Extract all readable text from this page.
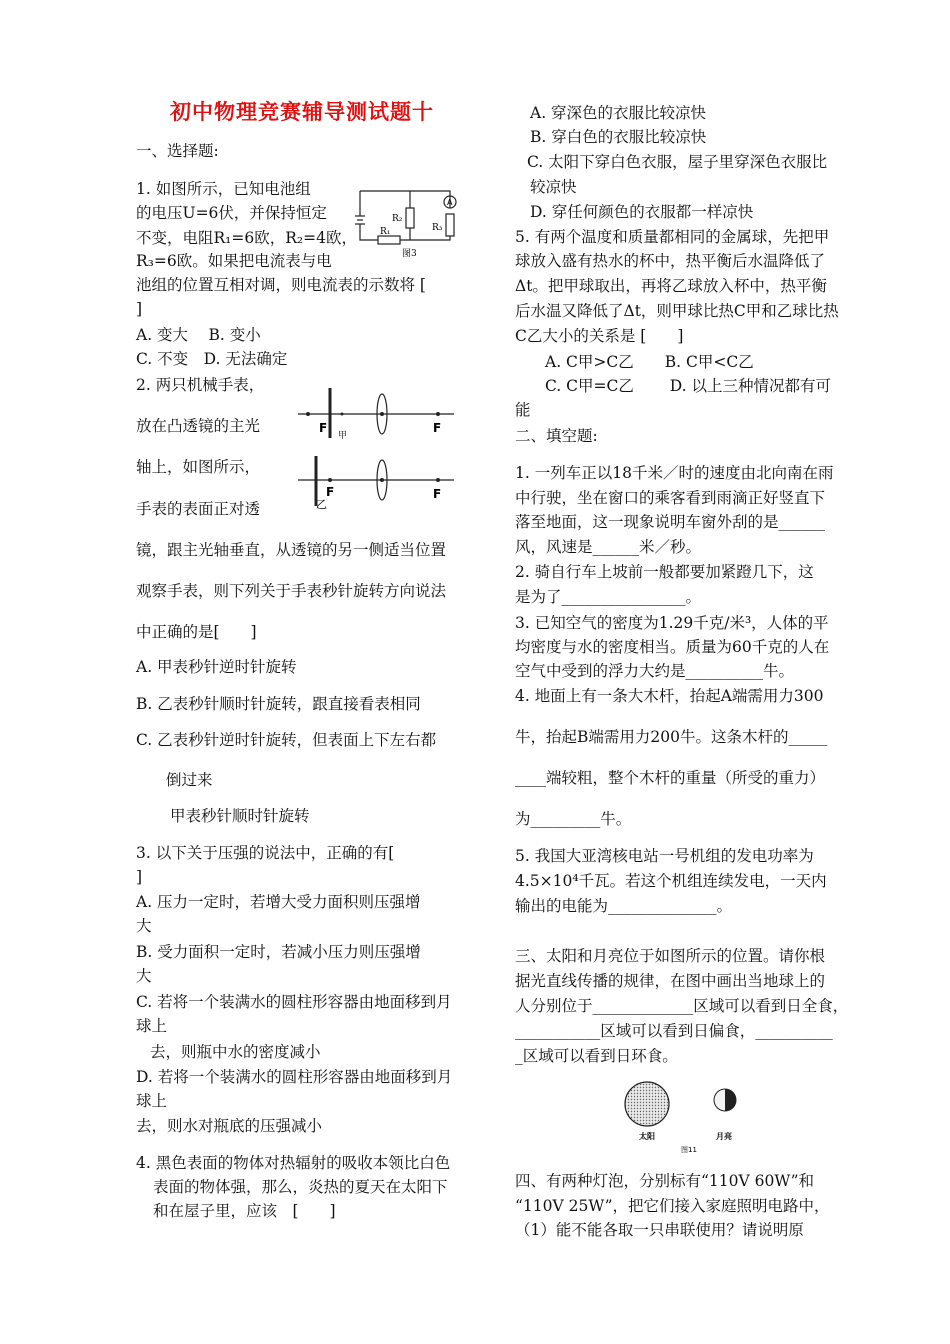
初中物理竞赛辅导测试题十
一、选择题:
1. 如图所示，已知电池组
的电压U=6伏，并保持恒定
不变，电阻R₁=6欧，R₂=4欧，
R₃=6欧。如果把电流表与电
池组的位置互相对调，则电流表的示数将 [
]
A. 变大　 B. 变小
C. 不变　D. 无法确定
A
R₂
R₃
R₁
图3
2. 两只机械手表，
放在凸透镜的主光
轴上，如图所示，
手表的表面正对透
镜，跟主光轴垂直，从透镜的另一侧适当位置
观察手表，则下列关于手表秒针旋转方向说法
中正确的是[　　]
A. 甲表秒针逆时针旋转
B. 乙表秒针顺时针旋转，跟直接看表相同
C. 乙表秒针逆时针旋转，但表面上下左右都
倒过来
甲表秒针顺时针旋转
F
甲
F
F
乙
F
3. 以下关于压强的说法中，正确的有[
]
A. 压力一定时，若增大受力面积则压强增
大
B. 受力面积一定时，若减小压力则压强增
大
C. 若将一个装满水的圆柱形容器由地面移到月
球上
去，则瓶中水的密度减小
D. 若将一个装满水的圆柱形容器由地面移到月
球上
去，则水对瓶底的压强减小
4. 黑色表面的物体对热辐射的吸收本领比白色
表面的物体强，那么，炎热的夏天在太阳下
和在屋子里，应该　[　　]
A. 穿深色的衣服比较凉快
B. 穿白色的衣服比较凉快
C. 太阳下穿白色衣服，屋子里穿深色衣服比
较凉快
D. 穿任何颜色的衣服都一样凉快
5. 有两个温度和质量都相同的金属球，先把甲
球放入盛有热水的杯中，热平衡后水温降低了
Δt。把甲球取出，再将乙球放入杯中，热平衡
后水温又降低了Δt，则甲球比热C甲和乙球比热
C乙大小的关系是 [　　]
A. C甲>C乙　　B. C甲<C乙
C. C甲=C乙　　 D. 以上三种情况都有可
能
二、填空题:
1. 一列车正以18千米／时的速度由北向南在雨
中行驶，坐在窗口的乘客看到雨滴正好竖直下
落至地面，这一现象说明车窗外刮的是______
风，风速是______米／秒。
2. 骑自行车上坡前一般都要加紧蹬几下，这
是为了________________。
3. 已知空气的密度为1.29千克/米³，人体的平
均密度与水的密度相当。质量为60千克的人在
空气中受到的浮力大约是__________牛。
4. 地面上有一条大木杆，抬起A端需用力300
牛，抬起B端需用力200牛。这条木杆的_____
____端较粗，整个木杆的重量（所受的重力）
为_________牛。
5. 我国大亚湾核电站一号机组的发电功率为
4.5×10⁴千瓦。若这个机组连续发电，一天内
输出的电能为______________。
三、太阳和月亮位于如图所示的位置。请你根
据光直线传播的规律，在图中画出当地球上的
人分别位于_____________区域可以看到日全食，
___________区域可以看到日偏食，__________
_区域可以看到日环食。
太阳	月亮
图11
四、有两种灯泡，分别标有“110V 60W”和
“110V 25W”，把它们接入家庭照明电路中，
（1）能不能各取一只串联使用？请说明原
